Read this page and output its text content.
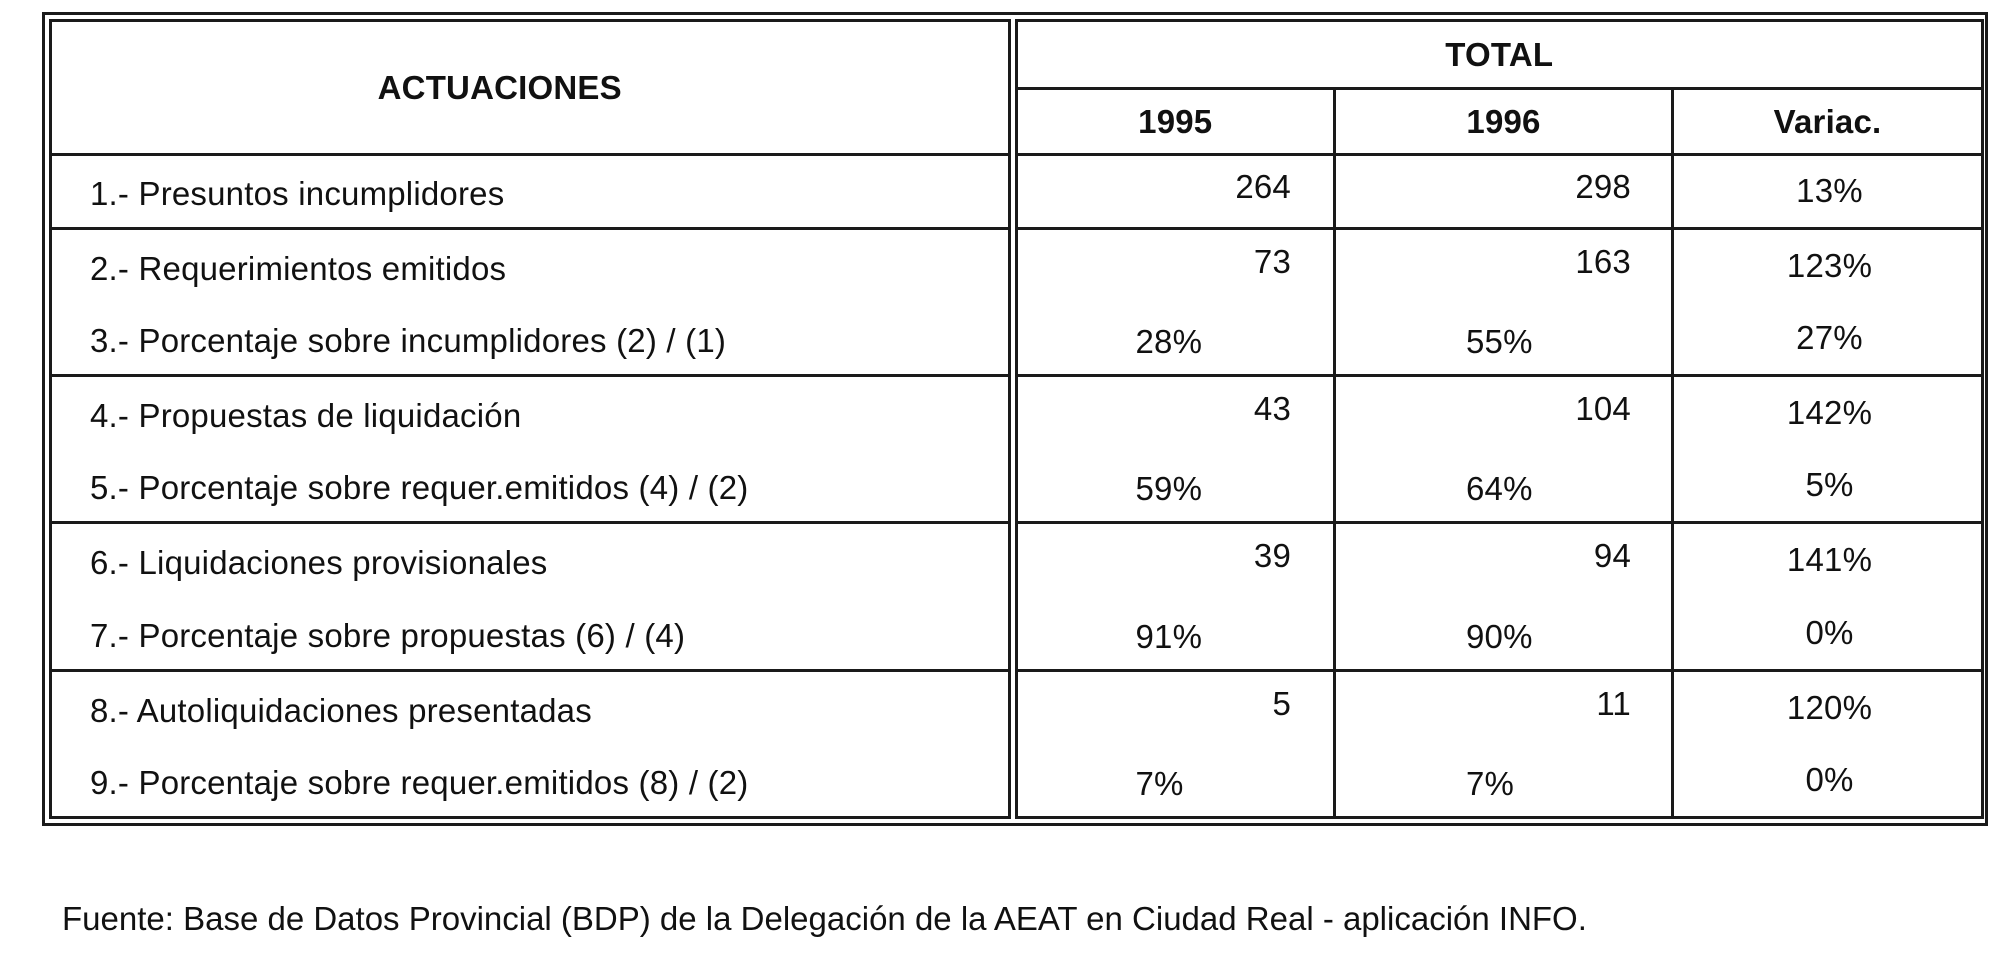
ACTUACIONES	TOTAL		
	1995	1996	Variac.
1.- Presuntos incumplidores	264	298	13%
2.- Requerimientos emitidos	73	163	123%
3.- Porcentaje sobre incumplidores (2) / (1)	28%	55%	27%
4.- Propuestas de liquidación	43	104	142%
5.- Porcentaje sobre requer.emitidos (4) / (2)	59%	64%	5%
6.- Liquidaciones provisionales	39	94	141%
7.- Porcentaje sobre propuestas (6) / (4)	91%	90%	0%
8.- Autoliquidaciones presentadas	5	11	120%
9.- Porcentaje sobre requer.emitidos (8) / (2)	7%	7%	0%
Fuente: Base de Datos Provincial (BDP) de la Delegación de la AEAT en Ciudad Real - aplicación INFO.
